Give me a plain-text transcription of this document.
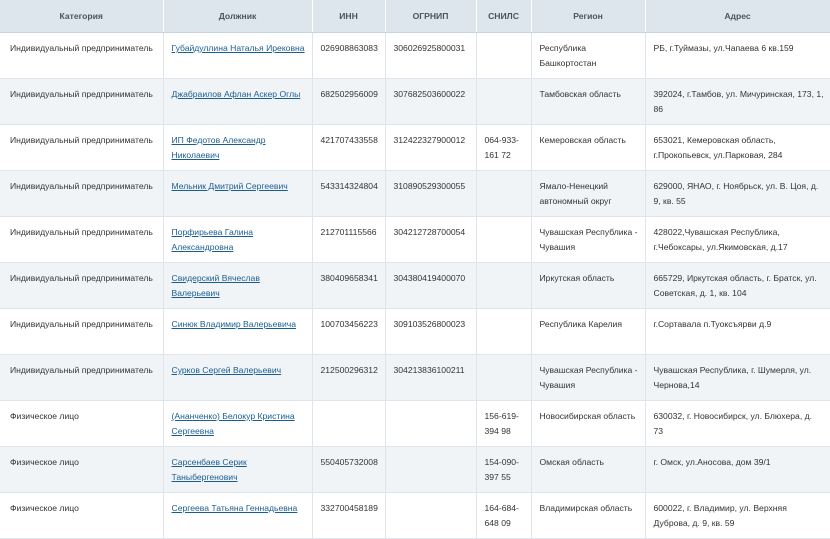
Категория	Должник	ИНН	ОГРНИП	СНИЛС	Регион	Адрес
Индивидуальный предприниматель	Губайдуллина Наталья Ирековна	026908863083	306026925800031		Республика Башкортостан	РБ, г.Туймазы, ул.Чапаева 6 кв.159
Индивидуальный предприниматель	Джабраилов Афлан Аскер Оглы	682502956009	307682503600022		Тамбовская область	392024, г.Тамбов, ул. Мичуринская, 173, 1, 86
Индивидуальный предприниматель	ИП Федотов Александр Николаевич	421707433558	312422327900012	064-933-161 72	Кемеровская область	653021, Кемеровская область, г.Прокопьевск, ул.Парковая, 284
Индивидуальный предприниматель	Мельник Дмитрий Сергеевич	543314324804	310890529300055		Ямало-Ненецкий автономный округ	629000, ЯНАО, г. Ноябрьск, ул. В. Цоя, д. 9, кв. 55
Индивидуальный предприниматель	Порфирьева Галина Александровна	212701115566	304212728700054		Чувашская Республика - Чувашия	428022,Чувашская Республика, г.Чебоксары, ул.Якимовская, д.17
Индивидуальный предприниматель	Свидерский Вячеслав Валерьевич	380409658341	304380419400070		Иркутская область	665729, Иркутская область, г. Братск, ул. Советская, д. 1, кв. 104
Индивидуальный предприниматель	Синюк Владимир Валерьевича	100703456223	309103526800023		Республика Карелия	г.Сортавала п.Туоксъярви д.9
Индивидуальный предприниматель	Сурков Сергей Валерьевич	212500296312	304213836100211		Чувашская Республика - Чувашия	Чувашская Республика, г. Шумерля, ул. Чернова,14
Физическое лицо	(Ананченко) Белокур Кристина Сергеевна			156-619-394 98	Новосибирская область	630032, г. Новосибирск, ул. Блюхера, д. 73
Физическое лицо	Сарсенбаев Серик Таныбергенович	550405732008		154-090-397 55	Омская область	г. Омск, ул.Аносова, дом 39/1
Физическое лицо	Сергеева Татьяна Геннадьевна	332700458189		164-684-648 09	Владимирская область	600022, г. Владимир, ул. Верхняя Дуброва, д. 9, кв. 59
